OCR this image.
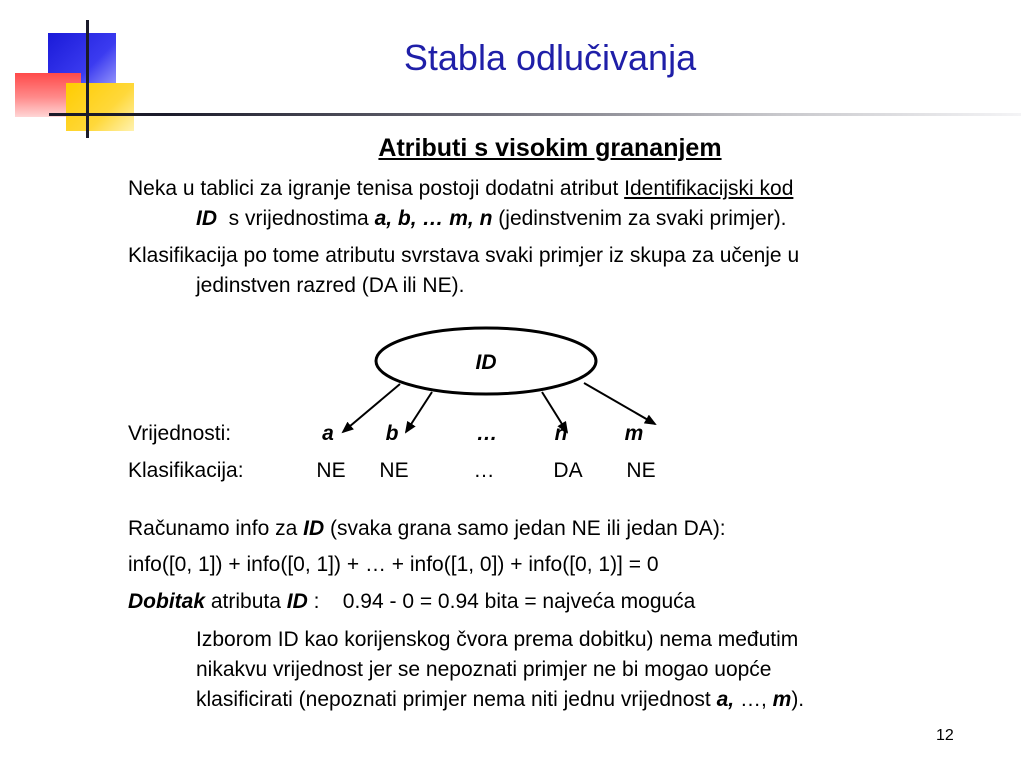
Stabla odlučivanja
Atributi s visokim grananjem
Neka u tablici za igranje tenisa postoji dodatni atribut Identifikacijski kod
ID s vrijednostima a, b, … m, n (jedinstvenim za svaki primjer).
Klasifikacija po tome atributu svrstava svaki primjer iz skupa za učenje u
jedinstven razred (DA ili NE).
ID
Vrijednosti:	a	b	…	n	m
Klasifikacija:	NE	NE	…	DA	NE
Računamo info za ID (svaka grana samo jedan NE ili jedan DA):
info([0, 1]) + info([0, 1]) + … + info([1, 0]) + info([0, 1)] = 0
Dobitak atributa ID : 0.94 - 0 = 0.94 bita = najveća moguća
Izborom ID kao korijenskog čvora prema dobitku) nema međutim
nikakvu vrijednost jer se nepoznati primjer ne bi mogao uopće
klasificirati (nepoznati primjer nema niti jednu vrijednost a, …, m).
12
